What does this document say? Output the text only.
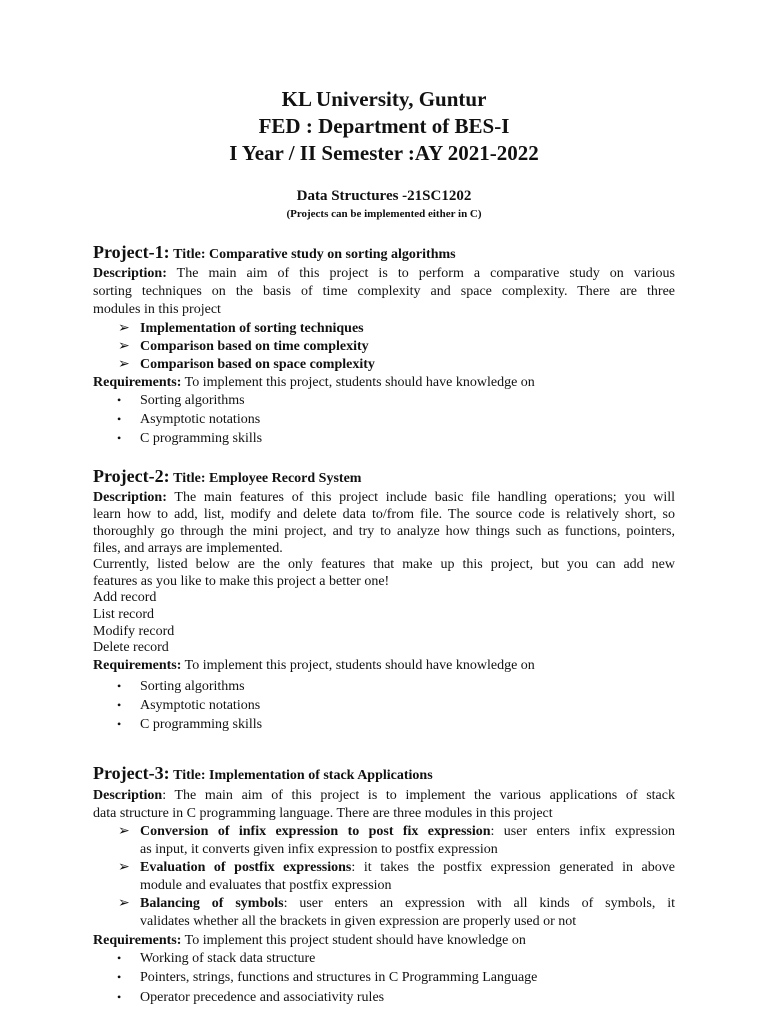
KL University, Guntur
FED : Department of BES-I
I Year / II Semester :AY 2021-2022
Data Structures -21SC1202
(Projects can be implemented either in C)
Project-1: Title: Comparative study on sorting algorithms
Description: The main aim of this project is to perform a comparative study on various
sorting techniques on the basis of time complexity and space complexity. There are three
modules in this project
➢ Implementation of sorting techniques
➢ Comparison based on time complexity
➢ Comparison based on space complexity
Requirements: To implement this project, students should have knowledge on
• Sorting algorithms
• Asymptotic notations
• C programming skills
Project-2: Title: Employee Record System
Description: The main features of this project include basic file handling operations; you will
learn how to add, list, modify and delete data to/from file. The source code is relatively short, so
thoroughly go through the mini project, and try to analyze how things such as functions, pointers,
files, and arrays are implemented.
Currently, listed below are the only features that make up this project, but you can add new
features as you like to make this project a better one!
Add record
List record
Modify record
Delete record
Requirements: To implement this project, students should have knowledge on
• Sorting algorithms
• Asymptotic notations
• C programming skills
Project-3: Title: Implementation of stack Applications
Description: The main aim of this project is to implement the various applications of stack
data structure in C programming language. There are three modules in this project
➢ Conversion of infix expression to post fix expression: user enters infix expression
as input, it converts given infix expression to postfix expression
➢ Evaluation of postfix expressions: it takes the postfix expression generated in above
module and evaluates that postfix expression
➢ Balancing of symbols: user enters an expression with all kinds of symbols, it
validates whether all the brackets in given expression are properly used or not
Requirements: To implement this project student should have knowledge on
• Working of stack data structure
• Pointers, strings, functions and structures in C Programming Language
• Operator precedence and associativity rules
